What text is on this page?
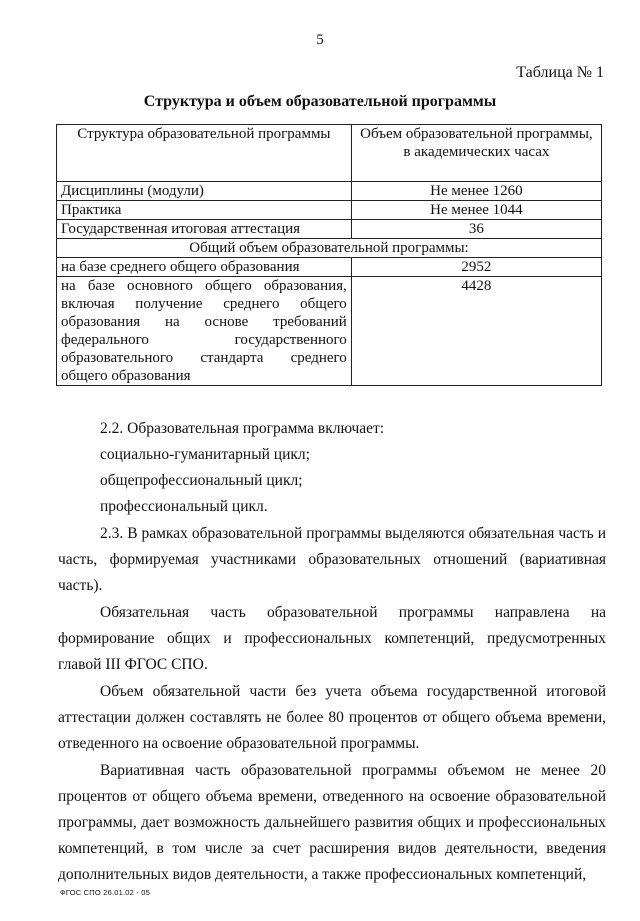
5
Таблица № 1
Структура и объем образовательной программы
Структура образовательной программы	Объем образовательной программы, в академических часах
Дисциплины (модули)	Не менее 1260
Практика	Не менее 1044
Государственная итоговая аттестация	36
Общий объем образовательной программы:	
на базе среднего общего образования	2952
на базе основного общего образования, включая получение среднего общего образования на основе требований федерального государственного образовательного стандарта среднего общего образования	4428

2.2. Образовательная программа включает:

социально-гуманитарный цикл;

общепрофессиональный цикл;

профессиональный цикл.

2.3. В рамках образовательной программы выделяются обязательная часть и часть, формируемая участниками образовательных отношений (вариативная часть).

Обязательная часть образовательной программы направлена на формирование общих и профессиональных компетенций, предусмотренных главой III ФГОС СПО.

Объем обязательной части без учета объема государственной итоговой аттестации должен составлять не более 80 процентов от общего объема времени, отведенного на освоение образовательной программы.

Вариативная часть образовательной программы объемом не менее 20 процентов от общего объема времени, отведенного на освоение образовательной программы, дает возможность дальнейшего развития общих и профессиональных компетенций, в том числе за счет расширения видов деятельности, введения дополнительных видов деятельности, а также профессиональных компетенций,

ФГОС СПО 26.01.02 - 05
